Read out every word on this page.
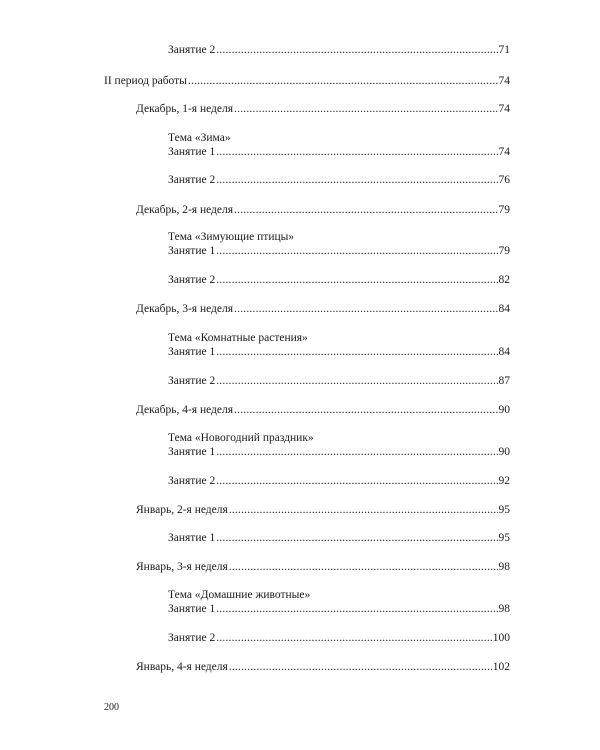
Занятие 2 .....	71
II период работы .....	74
Декабрь, 1-я неделя .....	74
Тема «Зима»
Занятие 1 .....	74
Занятие 2 .....	76
Декабрь, 2-я неделя .....	79
Тема «Зимующие птицы»
Занятие 1 .....	79
Занятие 2 .....	82
Декабрь, 3-я неделя .....	84
Тема «Комнатные растения»
Занятие 1 .....	84
Занятие 2 .....	87
Декабрь, 4-я неделя .....	90
Тема «Новогодний праздник»
Занятие 1 .....	90
Занятие 2 .....	92
Январь, 2-я неделя .....	95
Занятие 1 .....	95
Январь, 3-я неделя .....	98
Тема «Домашние животные»
Занятие 1 .....	98
Занятие 2 .....	100
Январь, 4-я неделя .....	102
200
